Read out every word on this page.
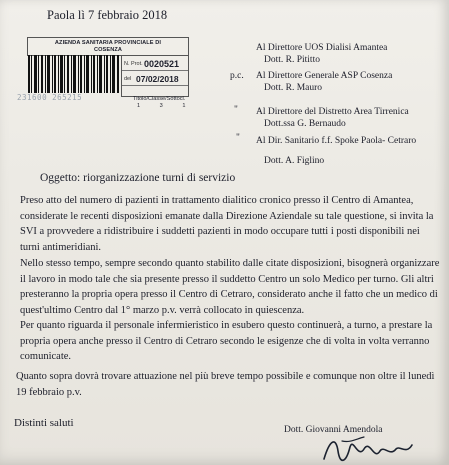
Paola lì 7 febbraio 2018
AZIENDA SANITARIA PROVINCIALE DI
COSENZA
231600 265215
N. Prot. 0020521
del 07/02/2018
Titolo/Classe/Sottocl.
1 3 1
Al Direttore UOS Dialisi Amantea
Dott. R. Pititto
p.c. Al Direttore Generale ASP Cosenza
Dott. R. Mauro
" Al Direttore del Distretto Area Tirrenica
Dott.ssa G. Bernaudo
" Al Dir. Sanitario f.f. Spoke Paola- Cetraro
Dott. A. Figlino
Oggetto: riorganizzazione turni di servizio
Preso atto del numero di pazienti in trattamento dialitico cronico presso il Centro di Amantea,
considerate le recenti disposizioni emanate dalla Direzione Aziendale su tale questione, si invita la
SVI a provvedere a ridistribuire i suddetti pazienti in modo occupare tutti i posti disponibili nei
turni antimeridiani.
Nello stesso tempo, sempre secondo quanto stabilito dalle citate disposizioni, bisognerà organizzare
il lavoro in modo tale che sia presente presso il suddetto Centro un solo Medico per turno. Gli altri
presteranno la propria opera presso il Centro di Cetraro, considerato anche il fatto che un medico di
quest'ultimo Centro dal 1° marzo p.v. verrà collocato in quiescenza.
Per quanto riguarda il personale infermieristico in esubero questo continuerà, a turno, a prestare la
propria opera anche presso il Centro di Cetraro secondo le esigenze che di volta in volta verranno
comunicate.
Quanto sopra dovrà trovare attuazione nel più breve tempo possibile e comunque non oltre il lunedì
19 febbraio p.v.
Distinti saluti
Dott. Giovanni Amendola
